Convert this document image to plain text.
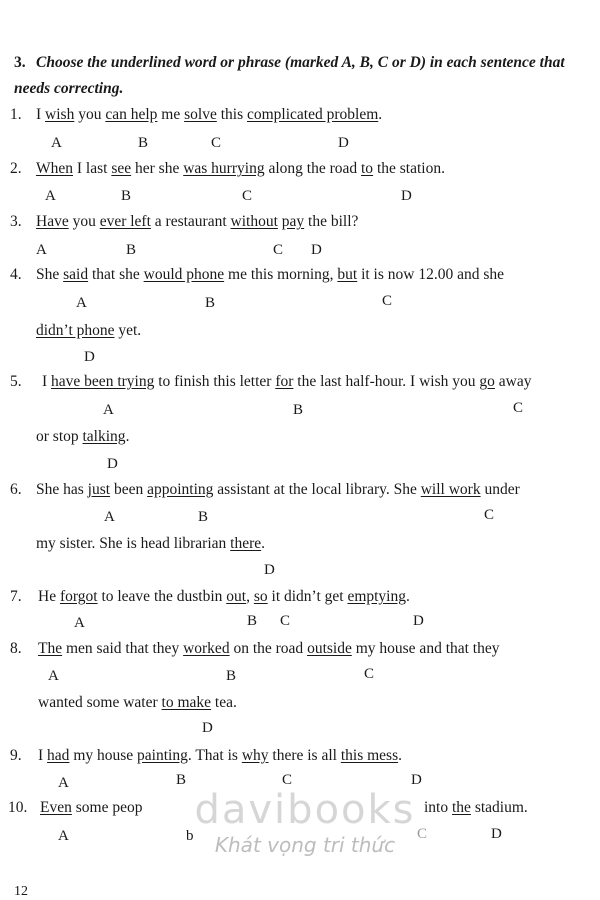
3. Choose the underlined word or phrase (marked A, B, C or D) in each sentence that needs correcting.
1. I wish you can help me solve this complicated problem.
A	B	C	D
2. When I last see her she was hurrying along the road to the station.
A	B	C	D
3. Have you ever left a restaurant without pay the bill?
A	B	C D
4. She said that she would phone me this morning, but it is now 12.00 and she
A	B	C
didn’t phone yet.
D
5. I have been trying to finish this letter for the last half-hour. I wish you go away
A	B	C
or stop talking.
D
6. She has just been appointing assistant at the local library. She will work under
A	B	C
my sister. She is head librarian there.
D
7. He forgot to leave the dustbin out, so it didn’t get emptying.
A	B C	D
8. The men said that they worked on the road outside my house and that they
A	B	C
wanted some water to make tea.
D
9. I had my house painting. That is why there is all this mess.
A	B	C	D
10. Even some peop	into the stadium.
A	b	C	D
davibooks
Khát vọng tri thức
12
